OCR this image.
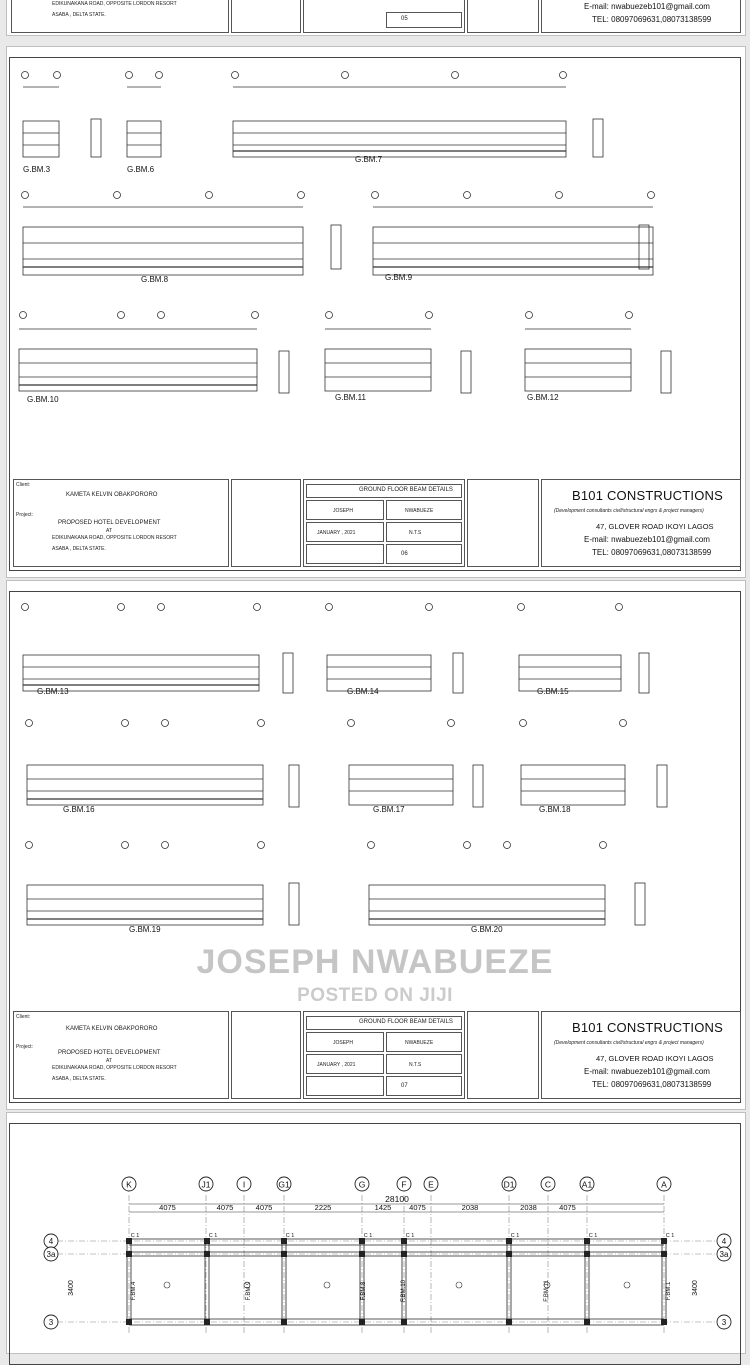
EDIKUNAKANA ROAD, OPPOSITE LORDON RESORT
ASABA , DELTA STATE.
05
E-mail: nwabuezeb101@gmail.com
TEL: 08097069631,08073138599
G.BM.3	G.BM.6
G.BM.7
G.BM.8	G.BM.9
G.BM.10	G.BM.11	G.BM.12
Client:
KAMETA KELVIN OBAKPORORO
Project:
PROPOSED HOTEL DEVELOPMENT
AT
EDIKUNAKANA ROAD, OPPOSITE LORDON RESORT
ASABA , DELTA STATE.
GROUND FLOOR BEAM DETAILS
JOSEPH	NWABUEZE
JANUARY , 2021	N.T.S
06
B101 CONSTRUCTIONS
(Development consultants civil/structural engrs & project managers)
47, GLOVER ROAD IKOYI LAGOS
E-mail: nwabuezeb101@gmail.com
TEL: 08097069631,08073138599
G.BM.13	G.BM.14	G.BM.15
G.BM.16	G.BM.17	G.BM.18
G.BM.19	G.BM.20
Client:
KAMETA KELVIN OBAKPORORO
Project:
PROPOSED HOTEL DEVELOPMENT
AT
EDIKUNAKANA ROAD, OPPOSITE LORDON RESORT
ASABA , DELTA STATE.
GROUND FLOOR BEAM DETAILS
JOSEPH	NWABUEZE
JANUARY , 2021	N.T.S
07
B101 CONSTRUCTIONS
(Development consultants civil/structural engrs & project managers)
47, GLOVER ROAD IKOYI LAGOS
E-mail: nwabuezeb101@gmail.com
TEL: 08097069631,08073138599
K	J1	I	G1	G	F	E	D1	C	A1	A
28100
4075	4075	4075	2225	1425 4075	2038	2038	4075
4	4
3a	3a
3	3
F.BM.4	F.BM.9	F.BM.8	F.BM.10	F.BM.11	F.BM.1
C 1	C 1	C 1	C 1	C 1	C 1	C 1	C 1
3400	3400
JOSEPH NWABUEZE
POSTED ON JIJI
